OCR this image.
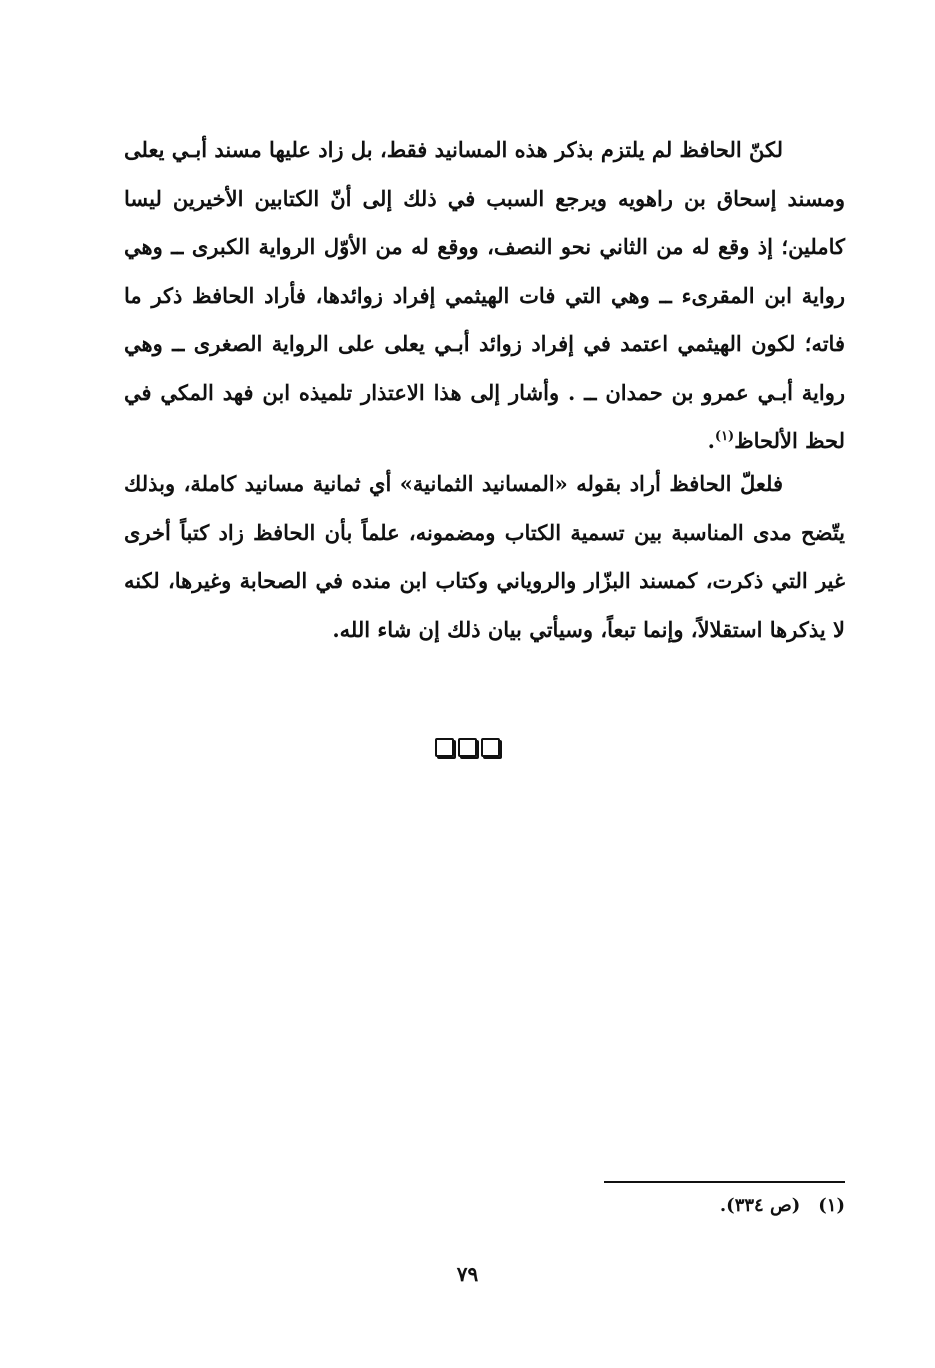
لكنّ الحافظ لم يلتزم بذكر هذه المسانيد فقط، بل زاد عليها مسند أبـي يعلى ومسند إسحاق بن راهويه ويرجع السبب في ذلك إلى أنّ الكتابين الأخيرين ليسا كاملين؛ إذ وقع له من الثاني نحو النصف، ووقع له من الأوّل الرواية الكبرى ــ وهي رواية ابن المقرىء ــ وهي التي فات الهيثمي إفراد زوائدها، فأراد الحافظ ذكر ما فاته؛ لكون الهيثمي اعتمد في إفراد زوائد أبـي يعلى على الرواية الصغرى ــ وهي رواية أبـي عمرو بن حمدان ــ . وأشار إلى هذا الاعتذار تلميذه ابن فهد المكي في لحظ الألحاظ$^{(١)}$.

فلعلّ الحافظ أراد بقوله «المسانيد الثمانية» أي ثمانية مسانيد كاملة، وبذلك يتّضح مدى المناسبة بين تسمية الكتاب ومضمونه، علماً بأن الحافظ زاد كتباً أخرى غير التي ذكرت، كمسند البزّار والروياني وكتاب ابن منده في الصحابة وغيرها، لكنه لا يذكرها استقلالاً، وإنما تبعاً، وسيأتي بيان ذلك إن شاء الله.

(١)(ص ٣٣٤).
٧٩
